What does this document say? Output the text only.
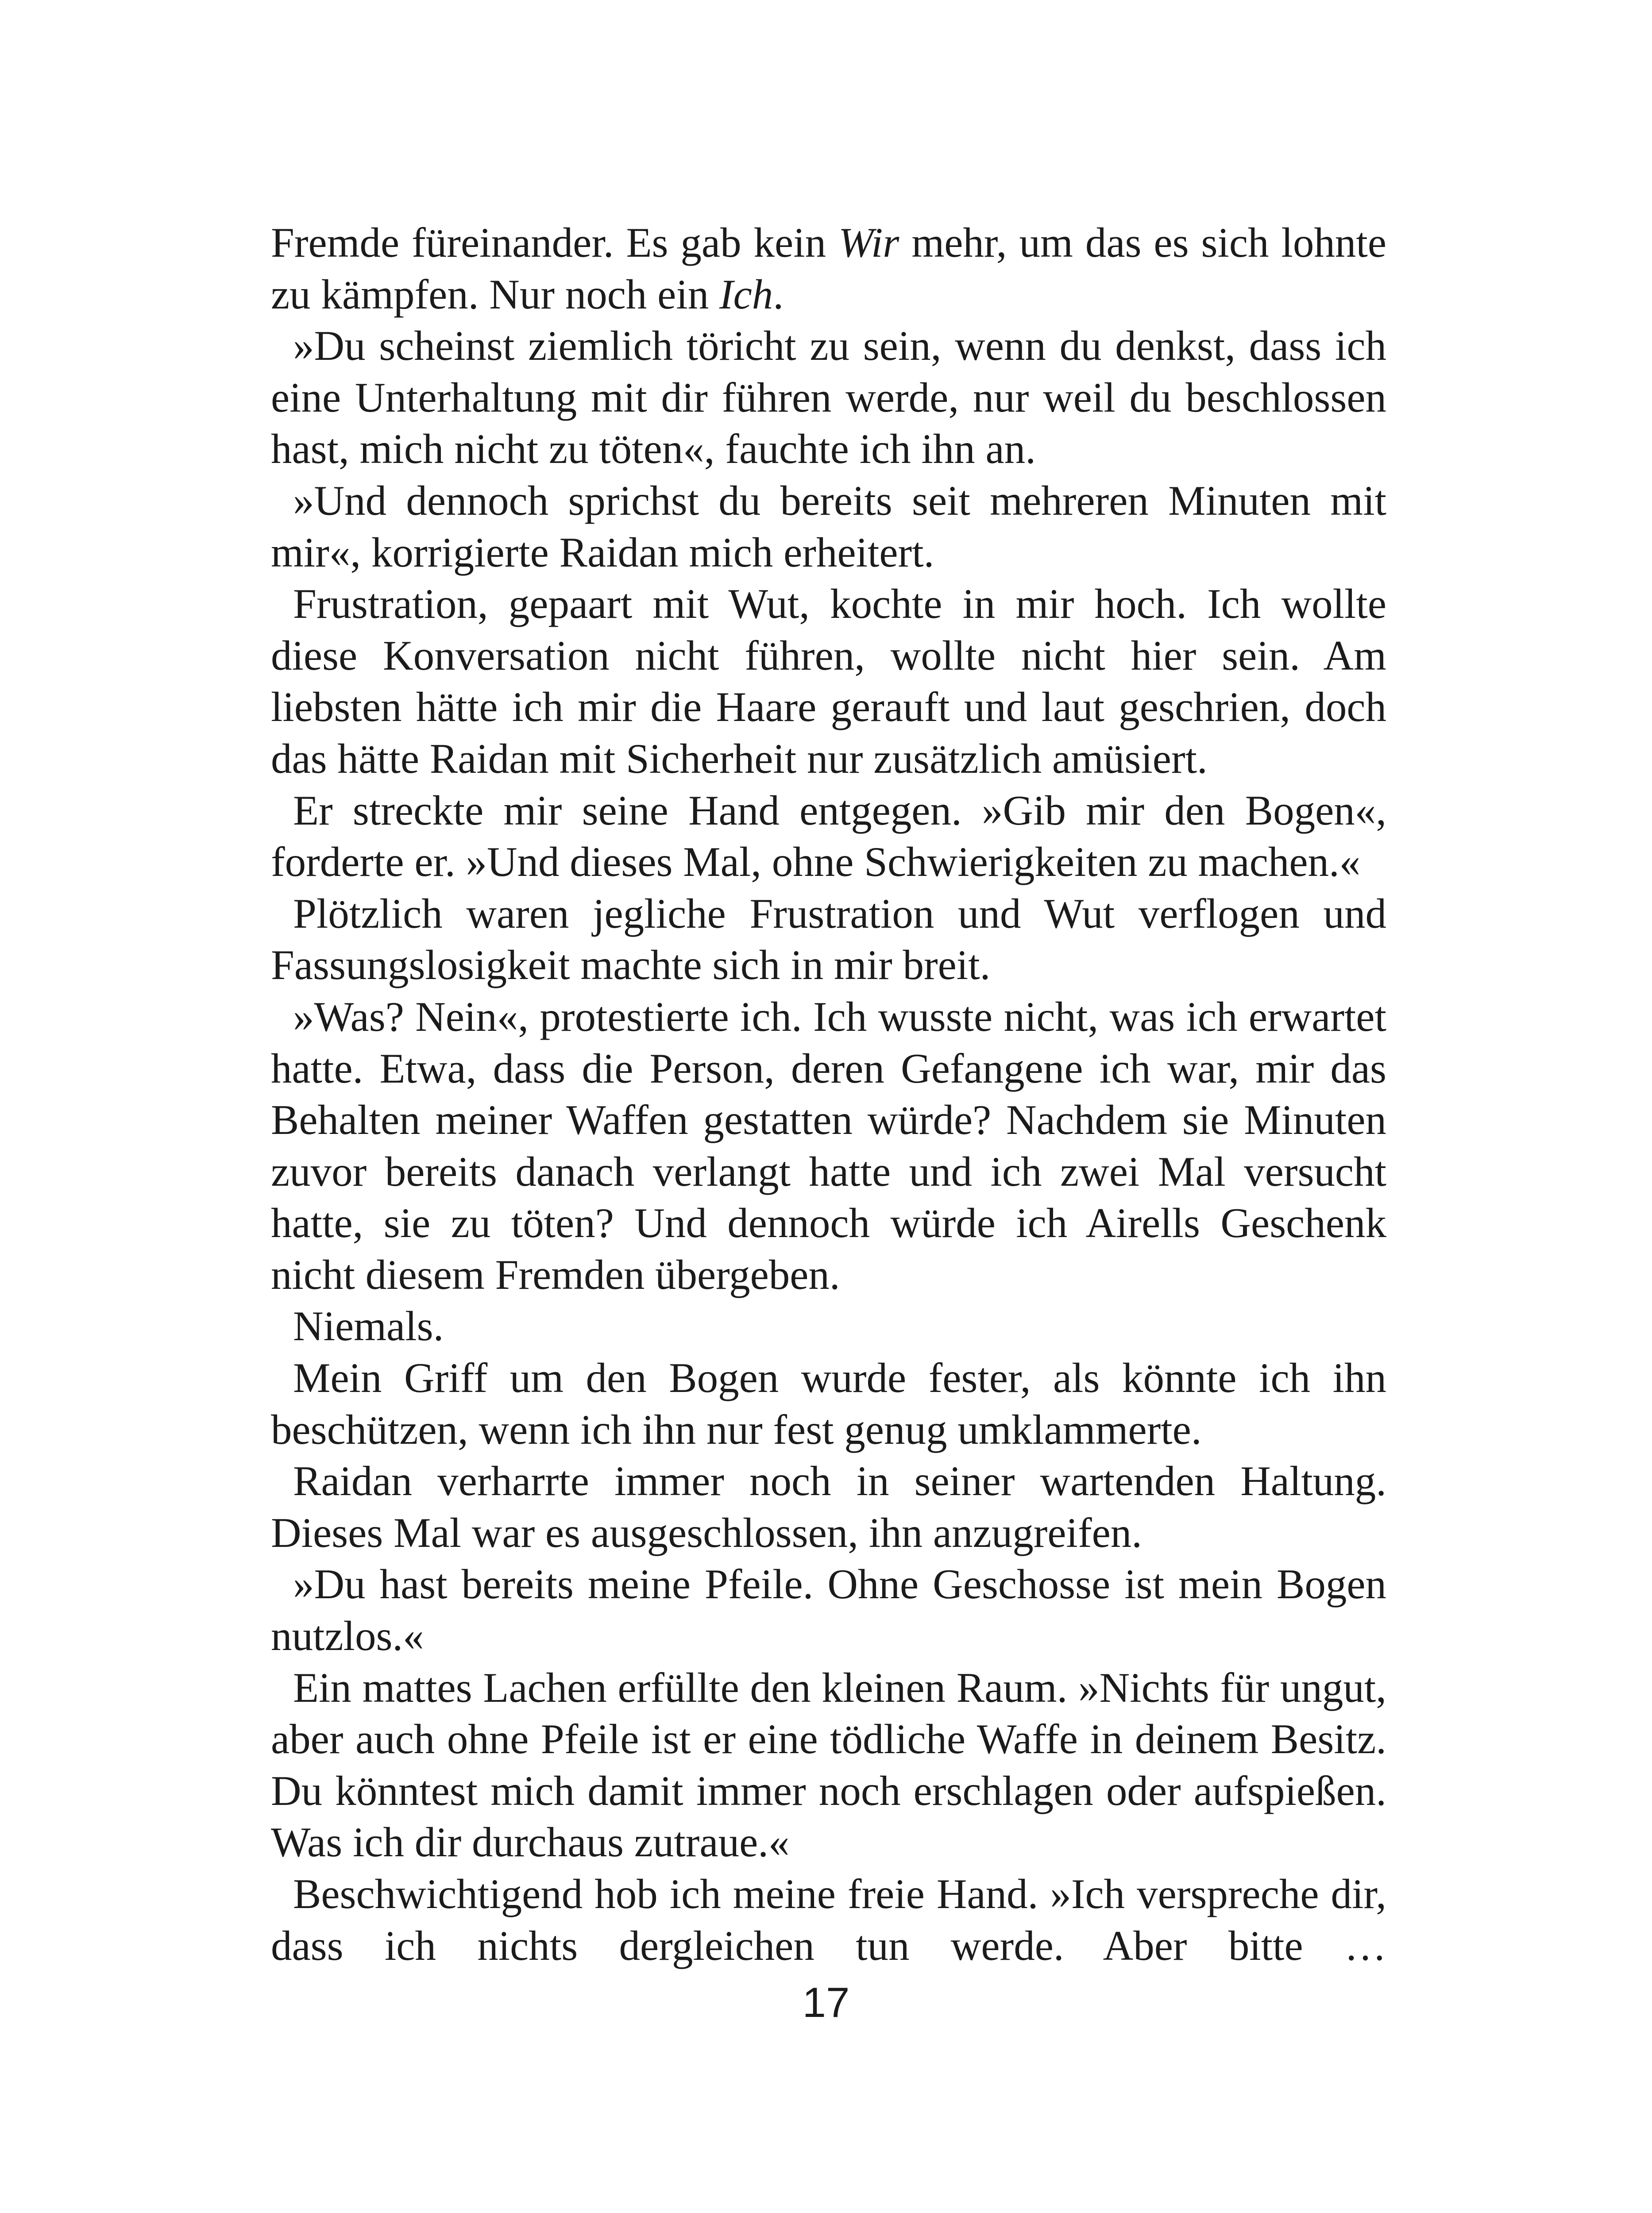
Fremde füreinander. Es gab kein Wir mehr, um das es sich lohnte zu kämpfen. Nur noch ein Ich.

»Du scheinst ziemlich töricht zu sein, wenn du denkst, dass ich eine Unterhaltung mit dir führen werde, nur weil du beschlossen hast, mich nicht zu töten«, fauchte ich ihn an.

»Und dennoch sprichst du bereits seit mehreren Minuten mit mir«, korrigierte Raidan mich erheitert.

Frustration, gepaart mit Wut, kochte in mir hoch. Ich wollte diese Konversation nicht führen, wollte nicht hier sein. Am liebsten hätte ich mir die Haare gerauft und laut geschrien, doch das hätte Raidan mit Sicherheit nur zusätzlich amüsiert.

Er streckte mir seine Hand entgegen. »Gib mir den Bogen«, forderte er. »Und dieses Mal, ohne Schwierigkeiten zu machen.«

Plötzlich waren jegliche Frustration und Wut verflogen und Fassungslosigkeit machte sich in mir breit.

»Was? Nein«, protestierte ich. Ich wusste nicht, was ich erwartet hatte. Etwa, dass die Person, deren Gefangene ich war, mir das Behalten meiner Waffen gestatten würde? Nachdem sie Minuten zuvor bereits danach verlangt hatte und ich zwei Mal versucht hatte, sie zu töten? Und dennoch würde ich Airells Geschenk nicht diesem Fremden übergeben.

Niemals.

Mein Griff um den Bogen wurde fester, als könnte ich ihn beschützen, wenn ich ihn nur fest genug umklammerte.

Raidan verharrte immer noch in seiner wartenden Haltung. Dieses Mal war es ausgeschlossen, ihn anzugreifen.

»Du hast bereits meine Pfeile. Ohne Geschosse ist mein Bogen nutzlos.«

Ein mattes Lachen erfüllte den kleinen Raum. »Nichts für ungut, aber auch ohne Pfeile ist er eine tödliche Waffe in deinem Besitz. Du könntest mich damit immer noch erschlagen oder aufspießen. Was ich dir durchaus zutraue.«

Beschwichtigend hob ich meine freie Hand. »Ich verspreche dir, dass ich nichts dergleichen tun werde. Aber bitte …

17
